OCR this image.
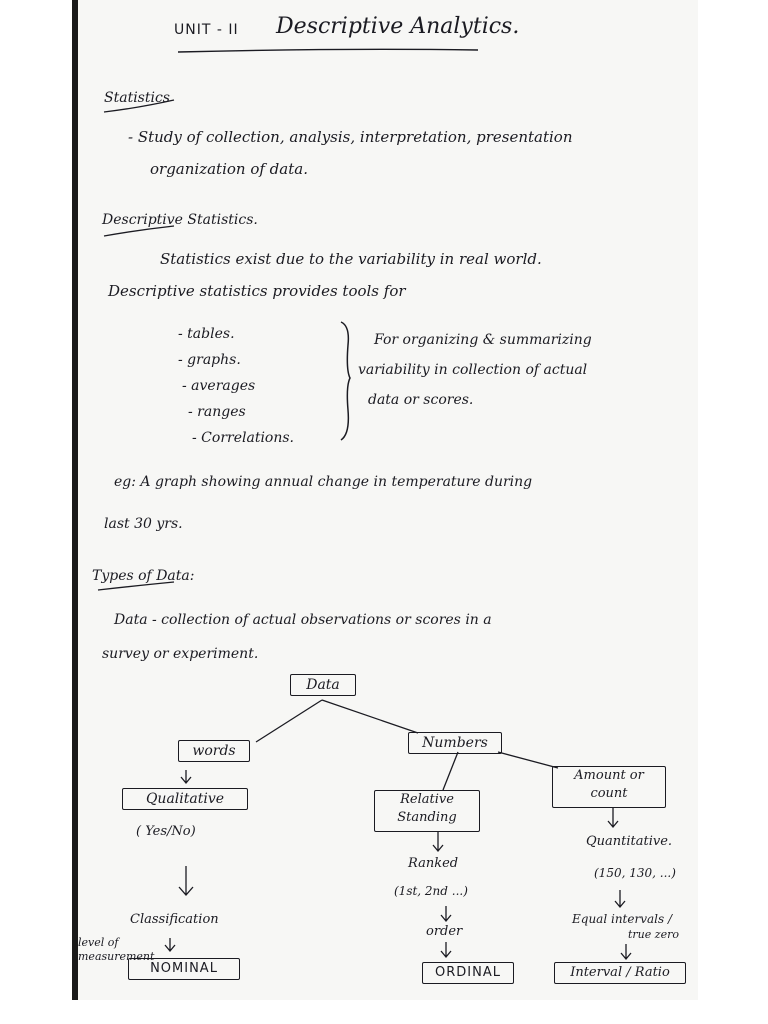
UNIT - II Descriptive Analytics.
Statistics
- Study of collection, analysis, interpretation, presentation
organization of data.
Descriptive Statistics.
Statistics exist due to the variability in real world.
Descriptive statistics provides tools for
- tables.
- graphs.
- averages
- ranges
- Correlations.
For organizing & summarizing
variability in collection of actual
data or scores.
eg: A graph showing annual change in temperature during
last 30 yrs.
Types of Data:
Data - collection of actual observations or scores in a
survey or experiment.
Data
words	Numbers
Qualitative
( Yes/No)
Classification
level of
measurement
NOMINAL
Relative
Standing
Ranked
(1st, 2nd ...)
order
ORDINAL
Amount or
count
Quantitative.
(150, 130, ...)
Equal intervals /
true zero
Interval / Ratio
